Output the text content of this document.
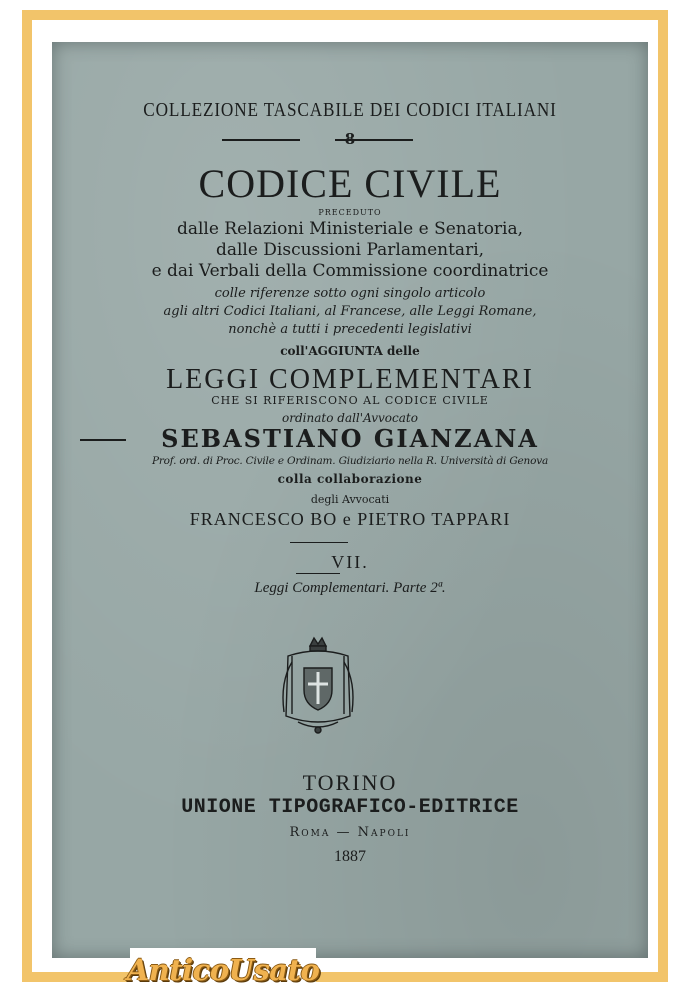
COLLEZIONE TASCABILE DEI CODICI ITALIANI
8
CODICE CIVILE
PRECEDUTO
dalle Relazioni Ministeriale e Senatoria,
dalle Discussioni Parlamentari,
e dai Verbali della Commissione coordinatrice
colle riferenze sotto ogni singolo articolo
agli altri Codici Italiani, al Francese, alle Leggi Romane,
nonchè a tutti i precedenti legislativi
coll'AGGIUNTA delle
LEGGI COMPLEMENTARI
CHE SI RIFERISCONO AL CODICE CIVILE
ordinato dall'Avvocato
SEBASTIANO GIANZANA
Prof. ord. di Proc. Civile e Ordinam. Giudiziario nella R. Università di Genova
colla collaborazione
degli Avvocati
FRANCESCO BO e PIETRO TAPPARI
VII.
Leggi Complementari. Parte 2ª.
TORINO
UNIONE TIPOGRAFICO-EDITRICE
Roma — Napoli
1887
AnticoUsato
